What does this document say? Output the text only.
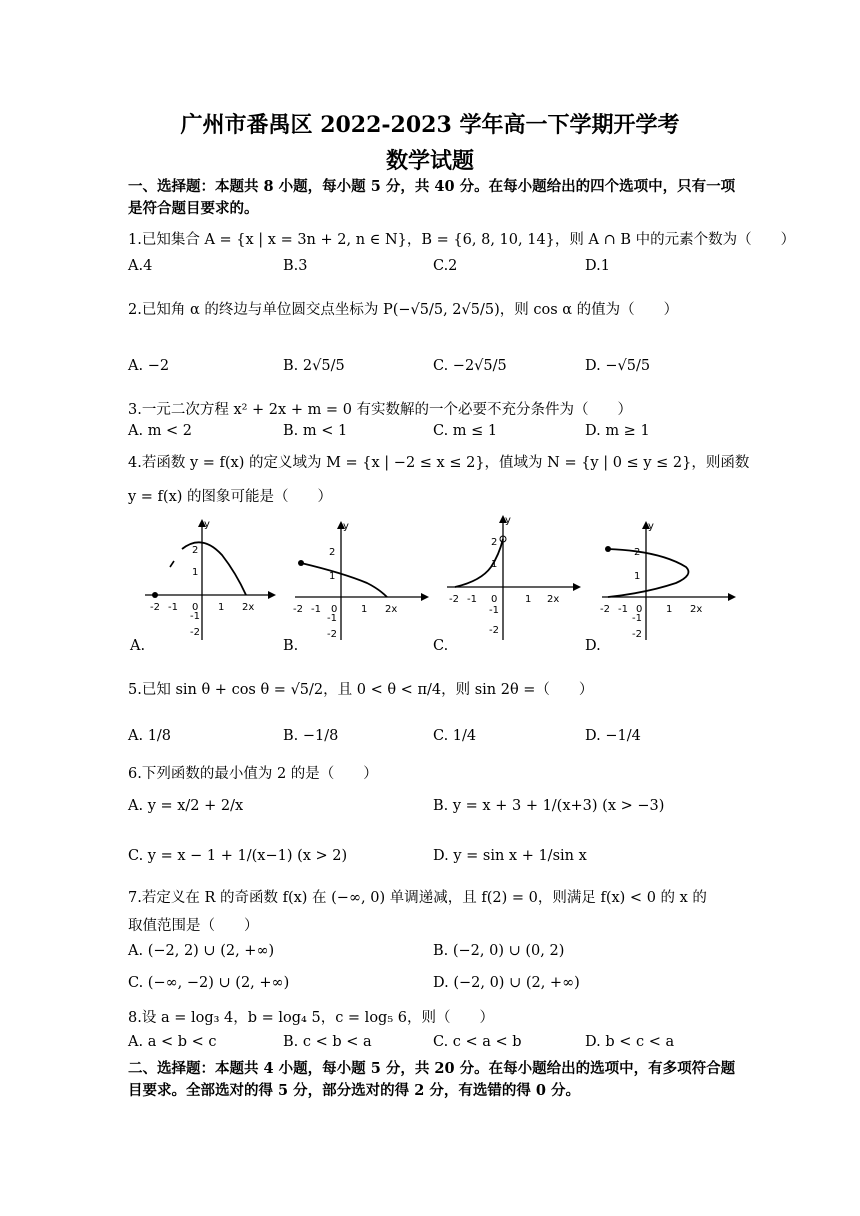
广州市番禺区 2022-2023 学年高一下学期开学考
数学试题
一、选择题：本题共 8 小题，每小题 5 分，共 40 分。在每小题给出的四个选项中，只有一项是符合题目要求的。
1.已知集合 A = {x | x = 3n + 2, n ∈ N}，B = {6, 8, 10, 14}，则 A ∩ B 中的元素个数为（　　）
A.4	B.3	C.2	D.1
2.已知角 α 的终边与单位圆交点坐标为 P(−√5/5, 2√5/5)，则 cos α 的值为（　　）
A. −2	B. 2√5/5	C. −2√5/5	D. −√5/5
3.一元二次方程 x² + 2x + m = 0 有实数解的一个必要不充分条件为（　　）
A. m < 2	B. m < 1	C. m ≤ 1	D. m ≥ 1
4.若函数 y = f(x) 的定义域为 M = {x | −2 ≤ x ≤ 2}，值域为 N = {y | 0 ≤ y ≤ 2}，则函数
y = f(x) 的图象可能是（　　）
-2 -1 0 1 2x
y
2
1
-1
-2
A.
-2 -1 0 1 2x
y
2
1
-1
-2
B.
-2 -1 0	1 2x
y
2
1
-1
-2
C.
-2 -1 0 1 2x
y
2
1
-1
-2
D.
5.已知 sin θ + cos θ = √5/2，且 0 < θ < π/4，则 sin 2θ =（　　）
A. 1/8	B. −1/8	C. 1/4	D. −1/4
6.下列函数的最小值为 2 的是（　　）
A. y = x/2 + 2/x	B. y = x + 3 + 1/(x+3) (x > −3)
C. y = x − 1 + 1/(x−1) (x > 2)	D. y = sin x + 1/sin x
7.若定义在 R 的奇函数 f(x) 在 (−∞, 0) 单调递减，且 f(2) = 0，则满足 f(x) < 0 的 x 的
取值范围是（　　）
A. (−2, 2) ∪ (2, +∞)	B. (−2, 0) ∪ (0, 2)
C. (−∞, −2) ∪ (2, +∞)	D. (−2, 0) ∪ (2, +∞)
8.设 a = log₃ 4，b = log₄ 5，c = log₅ 6，则（　　）
A. a < b < c	B. c < b < a	C. c < a < b	D. b < c < a
二、选择题：本题共 4 小题，每小题 5 分，共 20 分。在每小题给出的选项中，有多项符合题目要求。全部选对的得 5 分，部分选对的得 2 分，有选错的得 0 分。
